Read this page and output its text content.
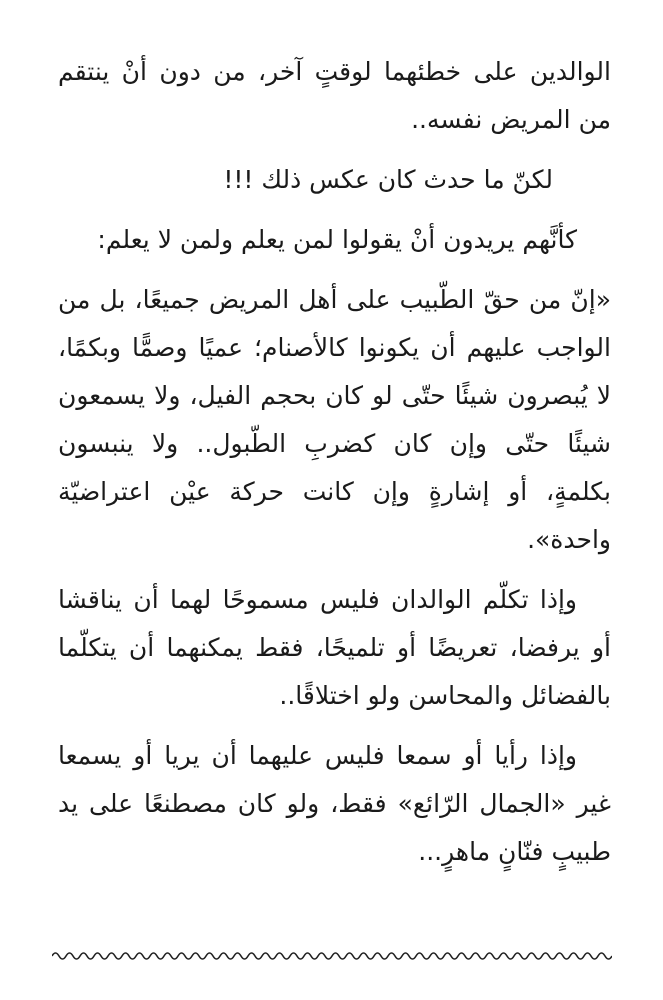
الوالدين على خطئهما لوقتٍ آخر، من دون أنْ ينتقم من المريض نفسه..

لكنّ ما حدث كان عكس ذلك !!!

كأنَّهم يريدون أنْ يقولوا لمن يعلم ولمن لا يعلم:

«إنّ من حقّ الطّبيب على أهل المريض جميعًا، بل من الواجب عليهم أن يكونوا كالأصنام؛ عميًا وصمًّا وبكمًا، لا يُبصرون شيئًا حتّى لو كان بحجم الفيل، ولا يسمعون شيئًا حتّى وإن كان كضربِ الطّبول.. ولا ينبسون بكلمةٍ، أو إشارةٍ وإن كانت حركة عيْن اعتراضيّة واحدة».

وإذا تكلّم الوالدان فليس مسموحًا لهما أن يناقشا أو يرفضا، تعريضًا أو تلميحًا، فقط يمكنهما أن يتكلّما بالفضائل والمحاسن ولو اختلاقًا..

وإذا رأيا أو سمعا فليس عليهما أن يريا أو يسمعا غير «الجمال الرّائع» فقط، ولو كان مصطنعًا على يد طبيبٍ فنّانٍ ماهرٍ...
